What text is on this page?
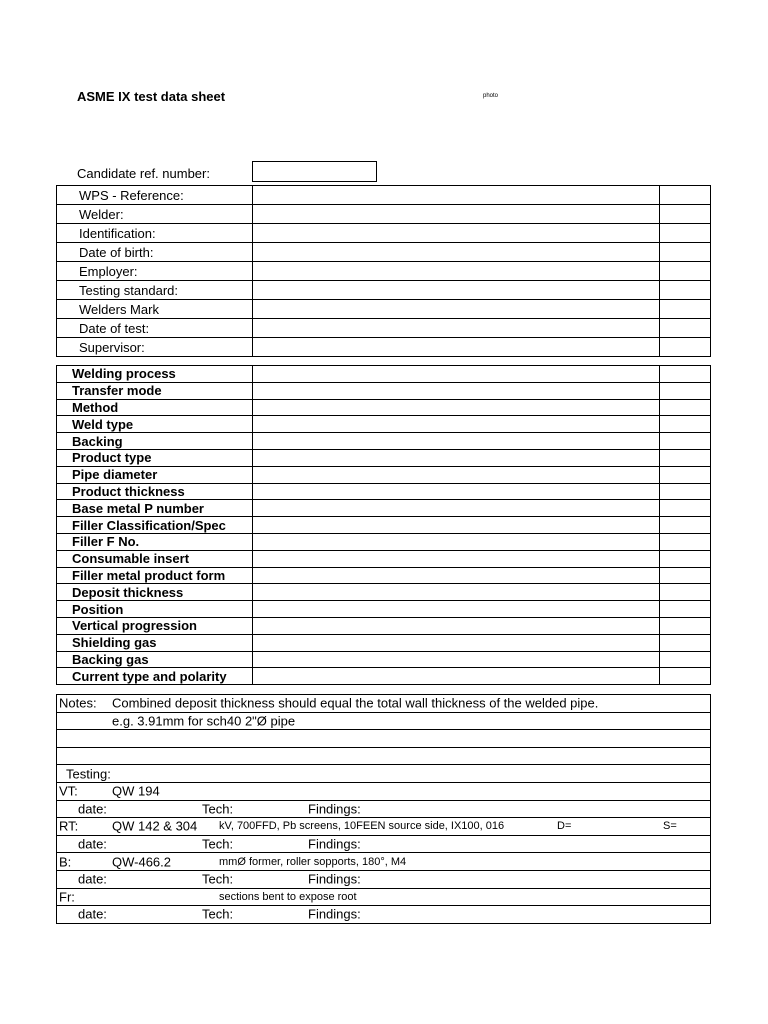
ASME IX test data sheet	photo
Candidate ref. number:
WPS - Reference:		
Welder:		
Identification:		
Date of birth:		
Employer:		
Testing standard:		
Welders Mark		
Date of test:		
Supervisor:		
Welding process		
Transfer mode		
Method		
Weld type		
Backing		
Product type		
Pipe diameter		
Product thickness		
Base metal P number		
Filler Classification/Spec		
Filler F No.		
Consumable insert		
Filler metal product form		
Deposit thickness		
Position		
Vertical progression		
Shielding gas		
Backing gas		
Current type and polarity		
Notes: Combined deposit thickness should equal the total wall thickness of the welded pipe.

e.g. 3.91mm for sch40 2"Ø pipe

Testing:

VT:	QW 194

date:	Tech:	Findings:

RT:	QW 142 & 304 kV, 700FFD, Pb screens, 10FEEN source side, IX100, 016	D=	S=

date:	Tech:	Findings:

B:	QW-466.2	mmØ former, roller sopports, 180°, M4

date:	Tech:	Findings:

Fr:	sections bent to expose root

date:	Tech:	Findings:
